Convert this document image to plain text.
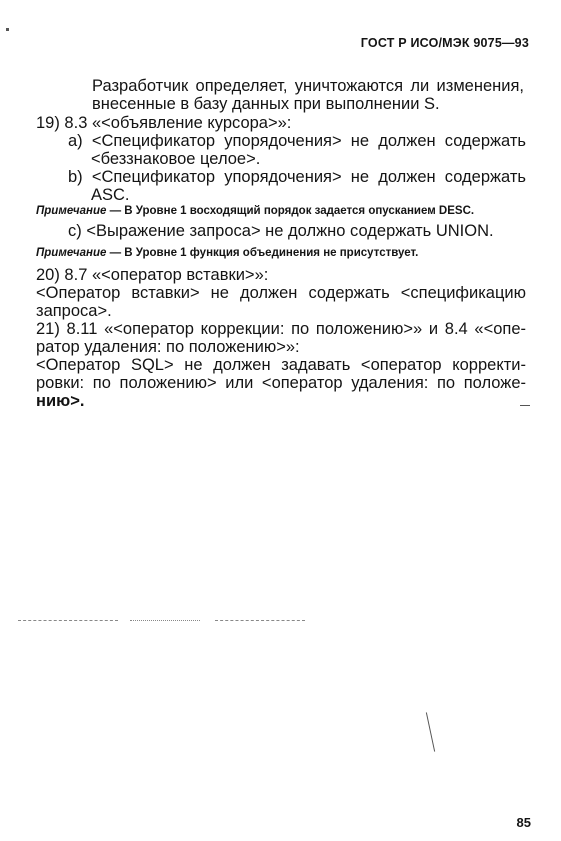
ГОСТ Р ИСО/МЭК 9075—93
Разработчик определяет, уничтожаются ли изменения,
внесенные в базу данных при выполнении S.
19) 8.3 «<объявление курсора>»:
a) <Спецификатор упорядочения> не должен содержать
<беззнаковое целое>.
b) <Спецификатор упорядочения> не должен содержать
ASC.
Примечание — В Уровне 1 восходящий порядок задается опусканием DESC.
c) <Выражение запроса> не должно содержать UNION.
Примечание — В Уровне 1 функция объединения не присутствует.
20) 8.7 «<оператор вставки>»:
<Оператор вставки> не должен содержать <спецификацию
запроса>.
21) 8.11 «<оператор коррекции: по положению>» и 8.4 «<опе-
ратор удаления: по положению>»:
<Оператор SQL> не должен задавать <оператор корректи-
ровки: по положению> или <оператор удаления: по положе-
нию>.
85
